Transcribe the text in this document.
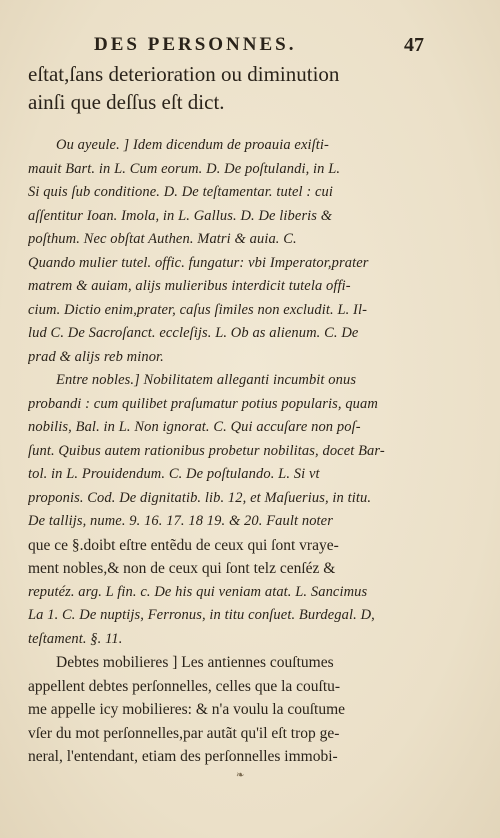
DES PERSONNES.	47
eſtat,ſans deterioration ou diminution
ainſi que deſſus eſt dict.
Ou ayeule. ] Idem dicendum de proauia exiſti-
mauit Bart. in L. Cum eorum. D. De poſtulandi, in L.
Si quis ſub conditione. D. De teſtamentar. tutel : cui
aſſentitur Ioan. Imola, in L. Gallus. D. De liberis &
poſthum. Nec obſtat Authen. Matri & auia. C.
Quando mulier tutel. offic. fungatur: vbi Imperator,prater
matrem & auiam, alijs mulieribus interdicit tutela offi-
cium. Dictio enim,prater, caſus ſimiles non excludit. L. Il-
lud C. De Sacroſanct. eccleſijs. L. Ob as alienum. C. De
prad & alijs reb minor.
Entre nobles.] Nobilitatem alleganti incumbit onus
probandi : cum quilibet praſumatur potius popularis, quam
nobilis, Bal. in L. Non ignorat. C. Qui accuſare non poſ-
ſunt. Quibus autem rationibus probetur nobilitas, docet Bar-
tol. in L. Prouidendum. C. De poſtulando. L. Si vt
proponis. Cod. De dignitatib. lib. 12, et Maſuerius, in titu.
De tallijs, nume. 9. 16. 17. 18 19. & 20. Fault noter
que ce §.doibt eſtre entẽdu de ceux qui ſont vraye-
ment nobles,& non de ceux qui ſont telz cenſéz &
reputéz. arg. L fin. c. De his qui veniam atat. L. Sancimus
La 1. C. De nuptijs, Ferronus, in titu conſuet. Burdegal. D,
teſtament. §. 11.
Debtes mobilieres ] Les antiennes couſtumes
appellent debtes perſonnelles, celles que la couſtu-
me appelle icy mobilieres: & n'a voulu la couſtume
vſer du mot perſonnelles,par autãt qu'il eſt trop ge-
neral, l'entendant, etiam des perſonnelles immobi-
❧
